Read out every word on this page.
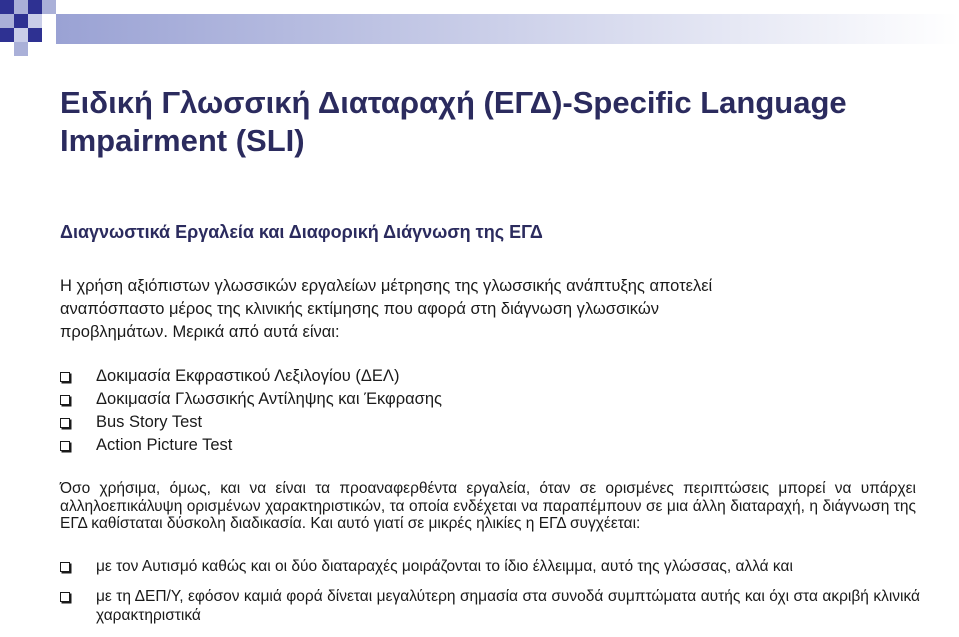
Ειδική Γλωσσική Διαταραχή (ΕΓΔ)-Specific Language Impairment (SLI)
Διαγνωστικά Εργαλεία και Διαφορική Διάγνωση της ΕΓΔ

Η χρήση αξιόπιστων γλωσσικών εργαλείων μέτρησης της γλωσσικής ανάπτυξης αποτελεί αναπόσπαστο μέρος της κλινικής εκτίμησης που αφορά στη διάγνωση γλωσσικών προβλημάτων. Μερικά από αυτά είναι:

Δοκιμασία Εκφραστικού Λεξιλογίου (ΔΕΛ)
Δοκιμασία Γλωσσικής Αντίληψης και Έκφρασης
Bus Story Test
Action Picture Test

Όσο χρήσιμα, όμως, και να είναι τα προαναφερθέντα εργαλεία, όταν σε ορισμένες περιπτώσεις μπορεί να υπάρχει αλληλοεπικάλυψη ορισμένων χαρακτηριστικών, τα οποία ενδέχεται να παραπέμπουν σε μια άλλη διαταραχή, η διάγνωση της ΕΓΔ καθίσταται δύσκολη διαδικασία. Και αυτό γιατί σε μικρές ηλικίες η ΕΓΔ συγχέεται:

με τον Αυτισμό καθώς και οι δύο διαταραχές μοιράζονται το ίδιο έλλειμμα, αυτό της γλώσσας, αλλά και
με τη ΔΕΠ/Υ, εφόσον καμιά φορά δίνεται μεγαλύτερη σημασία στα συνοδά συμπτώματα αυτής και όχι στα ακριβή κλινικά χαρακτηριστικά
